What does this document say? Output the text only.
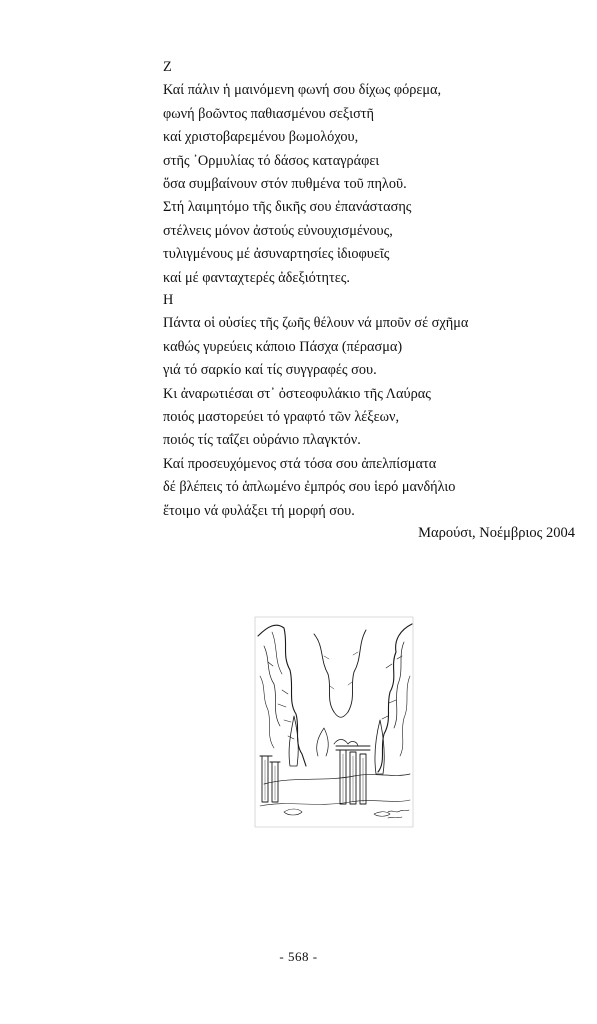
Ζ
Καί πάλιν ἡ μαινόμενη φωνή σου δίχως φόρεμα,
φωνή βοῶντος παθιασμένου σεξιστῆ
καί χριστοβαρεμένου βωμολόχου,
στῆς ᾿Ορμυλίας τό δάσος καταγράφει
ὅσα συμβαίνουν στόν πυθμένα τοῦ πηλοῦ.
Στή λαιμητόμο τῆς δικῆς σου ἐπανάστασης
στέλνεις μόνον ἀστούς εὐνουχισμένους,
τυλιγμένους μέ ἀσυναρτησίες ἰδιοφυεῖς
καί μέ φανταχτερές ἀδεξιότητες.
Η
Πάντα οἱ οὐσίες τῆς ζωῆς θέλουν νά μποῦν σέ σχῆμα
καθώς γυρεύεις κάποιο Πάσχα (πέρασμα)
γιά τό σαρκίο καί τίς συγγραφές σου.
Κι ἀναρωτιέσαι στ᾿ ὀστεοφυλάκιο τῆς Λαύρας
ποιός μαστορεύει τό γραφτό τῶν λέξεων,
ποιός τίς ταΐζει οὐράνιο πλαγκτόν.
Καί προσευχόμενος στά τόσα σου ἀπελπίσματα
δέ βλέπεις τό ἁπλωμένο ἐμπρός σου ἱερό μανδήλιο
ἕτοιμο νά φυλάξει τή μορφή σου.
Μαρούσι, Νοέμβριος 2004
- 568 -
